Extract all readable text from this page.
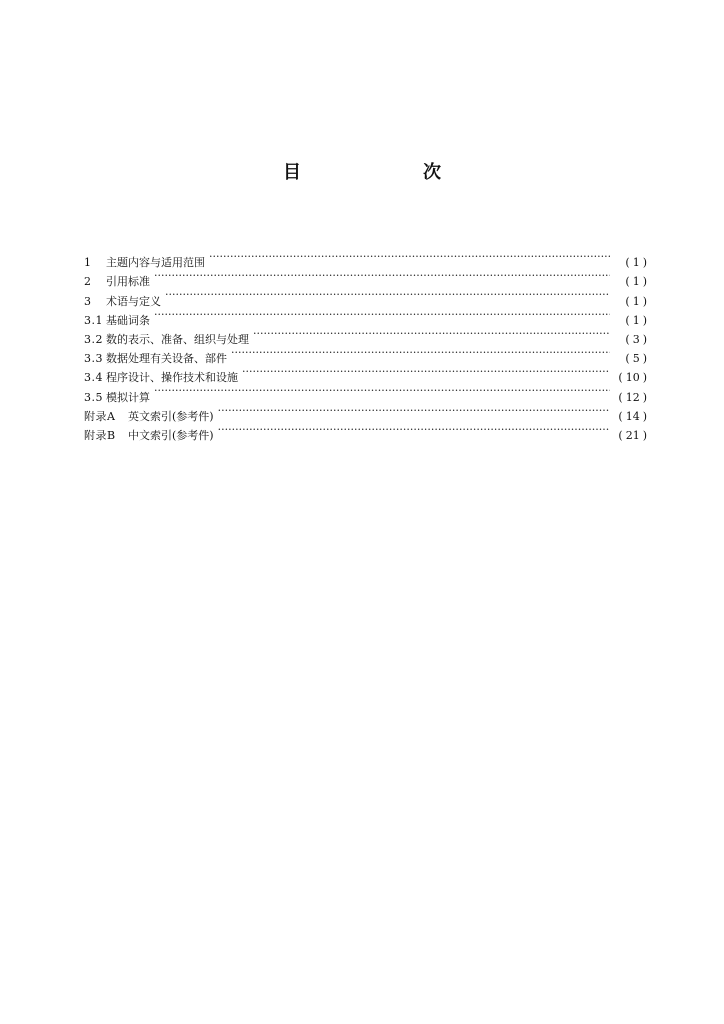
目　次
1	主题内容与适用范围 ·····	( 1 )
2	引用标准 ·····	( 1 )
3	术语与定义 ·····	( 1 )
3.1 基础词条 ·····	( 1 )
3.2 数的表示、准备、组织与处理 ·····	( 3 )
3.3 数据处理有关设备、部件 ·····	( 5 )
3.4 程序设计、操作技术和设施 ·····	( 10 )
3.5 模拟计算 ·····	( 12 )
附录A	英文索引(参考件) ·····	( 14 )
附录B	中文索引(参考件) ·····	( 21 )
